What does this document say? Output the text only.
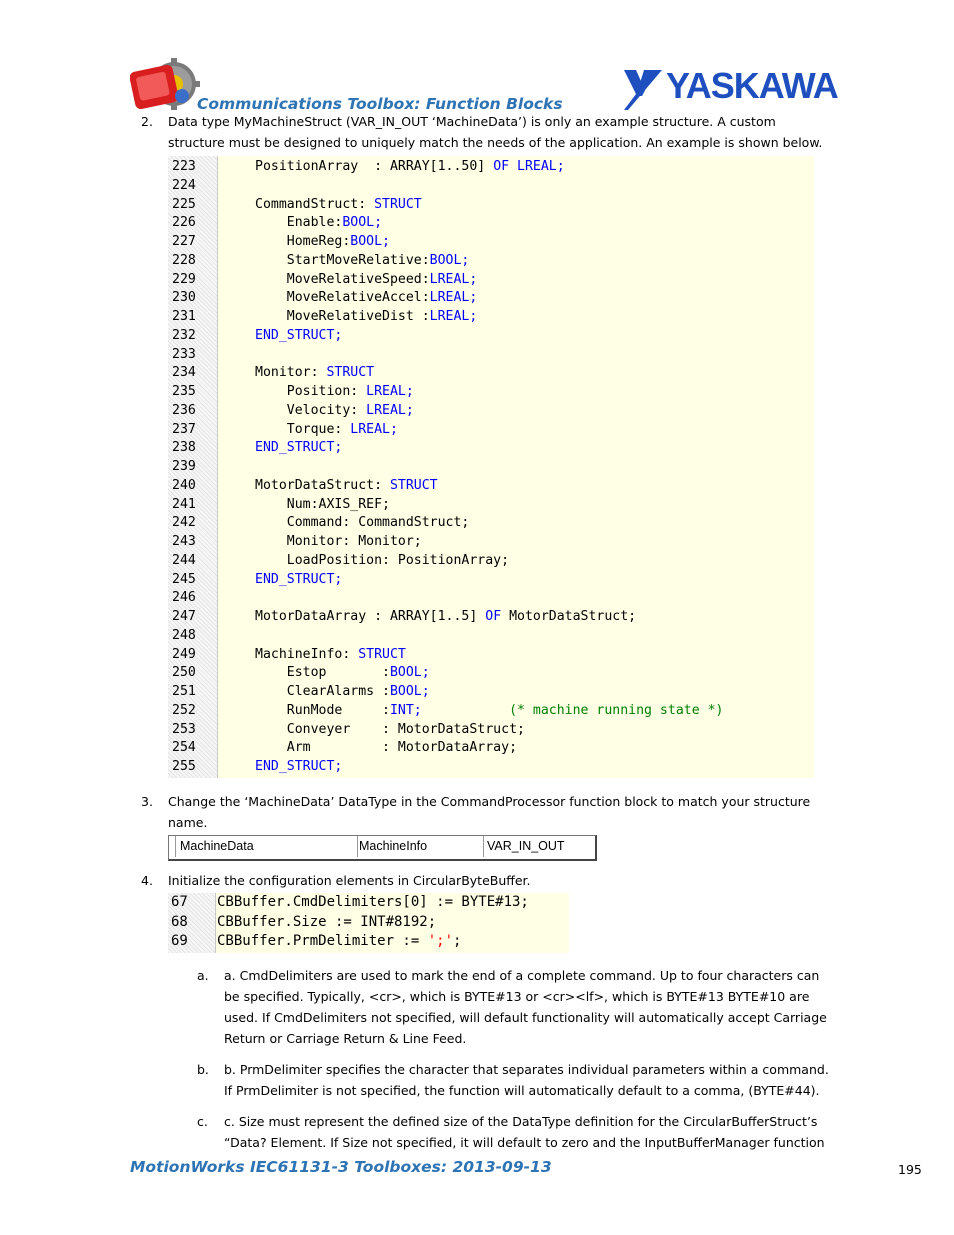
Communications Toolbox: Function Blocks	YASKAWA
2. Data type MyMachineStruct (VAR_IN_OUT ‘MachineData’) is only an example structure. A custom
structure must be designed to uniquely match the needs of the application. An example is shown below.
223	PositionArray  : ARRAY[1..50] OF LREAL;
224
225	CommandStruct: STRUCT
226	Enable:BOOL;
227	HomeReg:BOOL;
228	StartMoveRelative:BOOL;
229	MoveRelativeSpeed:LREAL;
230	MoveRelativeAccel:LREAL;
231	MoveRelativeDist :LREAL;
232	END_STRUCT;
233
234	Monitor: STRUCT
235	Position: LREAL;
236	Velocity: LREAL;
237	Torque: LREAL;
238	END_STRUCT;
239
240	MotorDataStruct: STRUCT
241	Num:AXIS_REF;
242	Command: CommandStruct;
243	Monitor: Monitor;
244	LoadPosition: PositionArray;
245	END_STRUCT;
246
247	MotorDataArray : ARRAY[1..5] OF MotorDataStruct;
248
249	MachineInfo: STRUCT
250	Estop       :BOOL;
251	ClearAlarms :BOOL;
252	RunMode     :INT;           (* machine running state *)
253	Conveyer    : MotorDataStruct;
254	Arm         : MotorDataArray;
255	END_STRUCT;
3. Change the ‘MachineData’ DataType in the CommandProcessor function block to match your structure
name.
MachineData	MachineInfo	VAR_IN_OUT
4. Initialize the configuration elements in CircularByteBuffer.
67	CBBuffer.CmdDelimiters[0] := BYTE#13;
68	CBBuffer.Size := INT#8192;
69	CBBuffer.PrmDelimiter := ';';
a. a. CmdDelimiters are used to mark the end of a complete command. Up to four characters can
be specified. Typically, <cr>, which is BYTE#13 or <cr><lf>, which is BYTE#13 BYTE#10 are
used. If CmdDelimiters not specified, will default functionality will automatically accept Carriage
Return or Carriage Return & Line Feed.
b. b. PrmDelimiter specifies the character that separates individual parameters within a command.
If PrmDelimiter is not specified, the function will automatically default to a comma, (BYTE#44).
c. c. Size must represent the defined size of the DataType definition for the CircularBufferStruct’s
“Data? Element. If Size not specified, it will default to zero and the InputBufferManager function
MotionWorks IEC61131-3 Toolboxes: 2013-09-13	195
